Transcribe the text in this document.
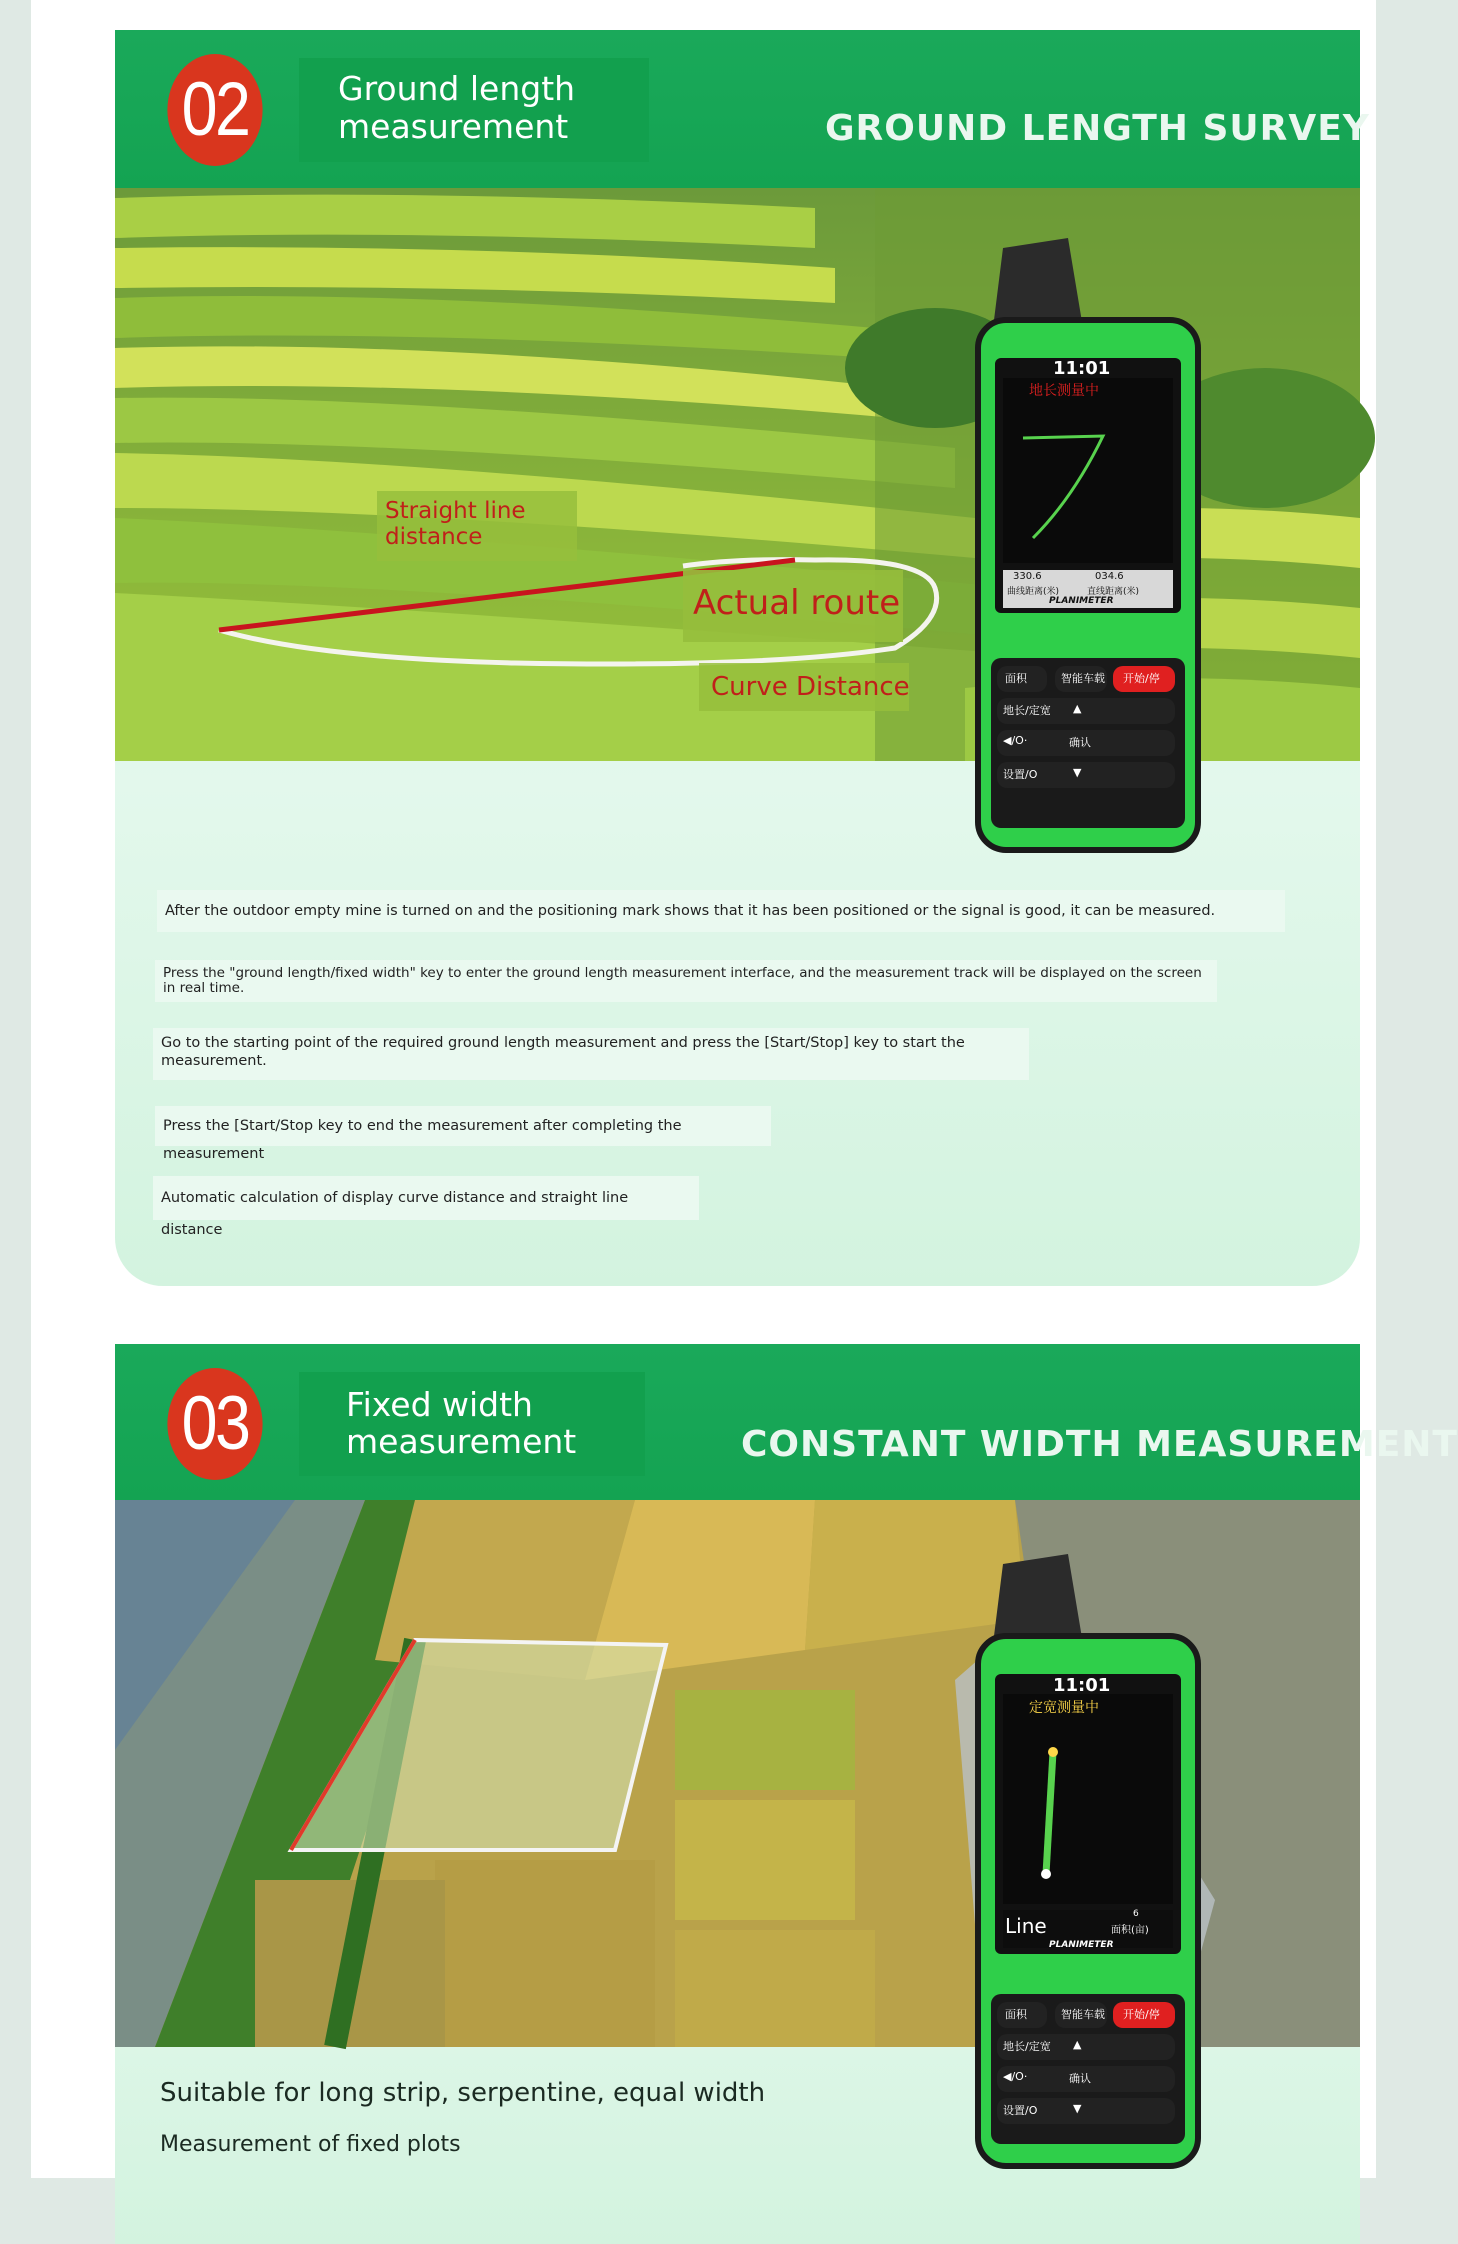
02	Ground length
measurement	GROUND LENGTH SURVEY
Straight line
distance
Actual route
Curve Distance
11:01
地长测量中
330.6
曲线距离(米)
034.6
直线距离(米)
PLANIMETER
面积	智能车载 开始/停
地长/定宽 ▲
◀/O·	确认
设置/O	▼
After the outdoor empty mine is turned on and the positioning mark shows that it has been positioned or the signal is good, it can be measured.
Press the "ground length/fixed width" key to enter the ground length measurement interface, and the measurement track will be displayed on the screen in real time.
Go to the starting point of the required ground length measurement and press the [Start/Stop] key to start the measurement.
Press the [Start/Stop key to end the measurement after completing the measurement
Automatic calculation of display curve distance and straight line distance
03	Fixed width
measurement	CONSTANT WIDTH MEASUREMENT
11:01
定宽测量中
Line	6
面积(亩)
PLANIMETER
面积	智能车载 开始/停
地长/定宽 ▲
◀/O·	确认
设置/O	▼
Suitable for long strip, serpentine, equal width
Measurement of fixed plots
